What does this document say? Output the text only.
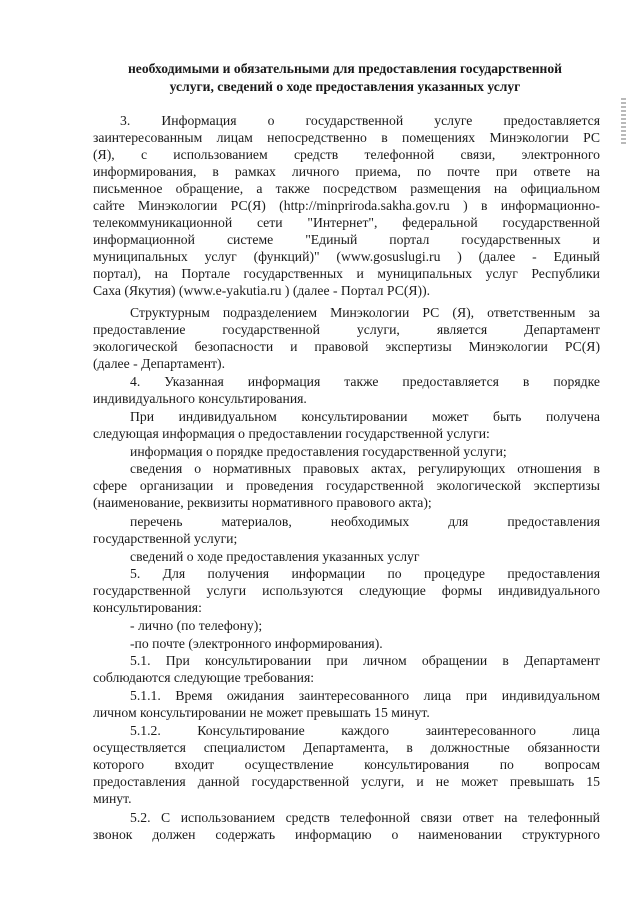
необходимыми и обязательными для предоставления государственной
услуги, сведений о ходе предоставления указанных услуг
3. Информация о государственной услуге предоставляется
заинтересованным лицам непосредственно в помещениях Минэкологии РС
(Я), с использованием средств телефонной связи, электронного
информирования, в рамках личного приема, по почте при ответе на
письменное обращение, а также посредством размещения на официальном
сайте Минэкологии РС(Я) (http://minpriroda.sakha.gov.ru ) в информационно-
телекоммуникационной сети "Интернет", федеральной государственной
информационной системе "Единый портал государственных и
муниципальных услуг (функций)" (www.gosuslugi.ru ) (далее - Единый
портал), на Портале государственных и муниципальных услуг Республики
Саха (Якутия) (www.e-yakutia.ru ) (далее - Портал РС(Я)).
Структурным подразделением Минэкологии РС (Я), ответственным за
предоставление государственной услуги, является Департамент
экологической безопасности и правовой экспертизы Минэкологии РС(Я)
(далее - Департамент).
4. Указанная информация также предоставляется в порядке
индивидуального консультирования.
При индивидуальном консультировании может быть получена
следующая информация о предоставлении государственной услуги:
информация о порядке предоставления государственной услуги;
сведения о нормативных правовых актах, регулирующих отношения в
сфере организации и проведения государственной экологической экспертизы
(наименование, реквизиты нормативного правового акта);
перечень материалов, необходимых для предоставления
государственной услуги;
сведений о ходе предоставления указанных услуг
5. Для получения информации по процедуре предоставления
государственной услуги используются следующие формы индивидуального
консультирования:
- лично (по телефону);
-по почте (электронного информирования).
5.1. При консультировании при личном обращении в Департамент
соблюдаются следующие требования:
5.1.1. Время ожидания заинтересованного лица при индивидуальном
личном консультировании не может превышать 15 минут.
5.1.2. Консультирование каждого заинтересованного лица
осуществляется специалистом Департамента, в должностные обязанности
которого входит осуществление консультирования по вопросам
предоставления данной государственной услуги, и не может превышать 15
минут.
5.2. С использованием средств телефонной связи ответ на телефонный
звонок должен содержать информацию о наименовании структурного
